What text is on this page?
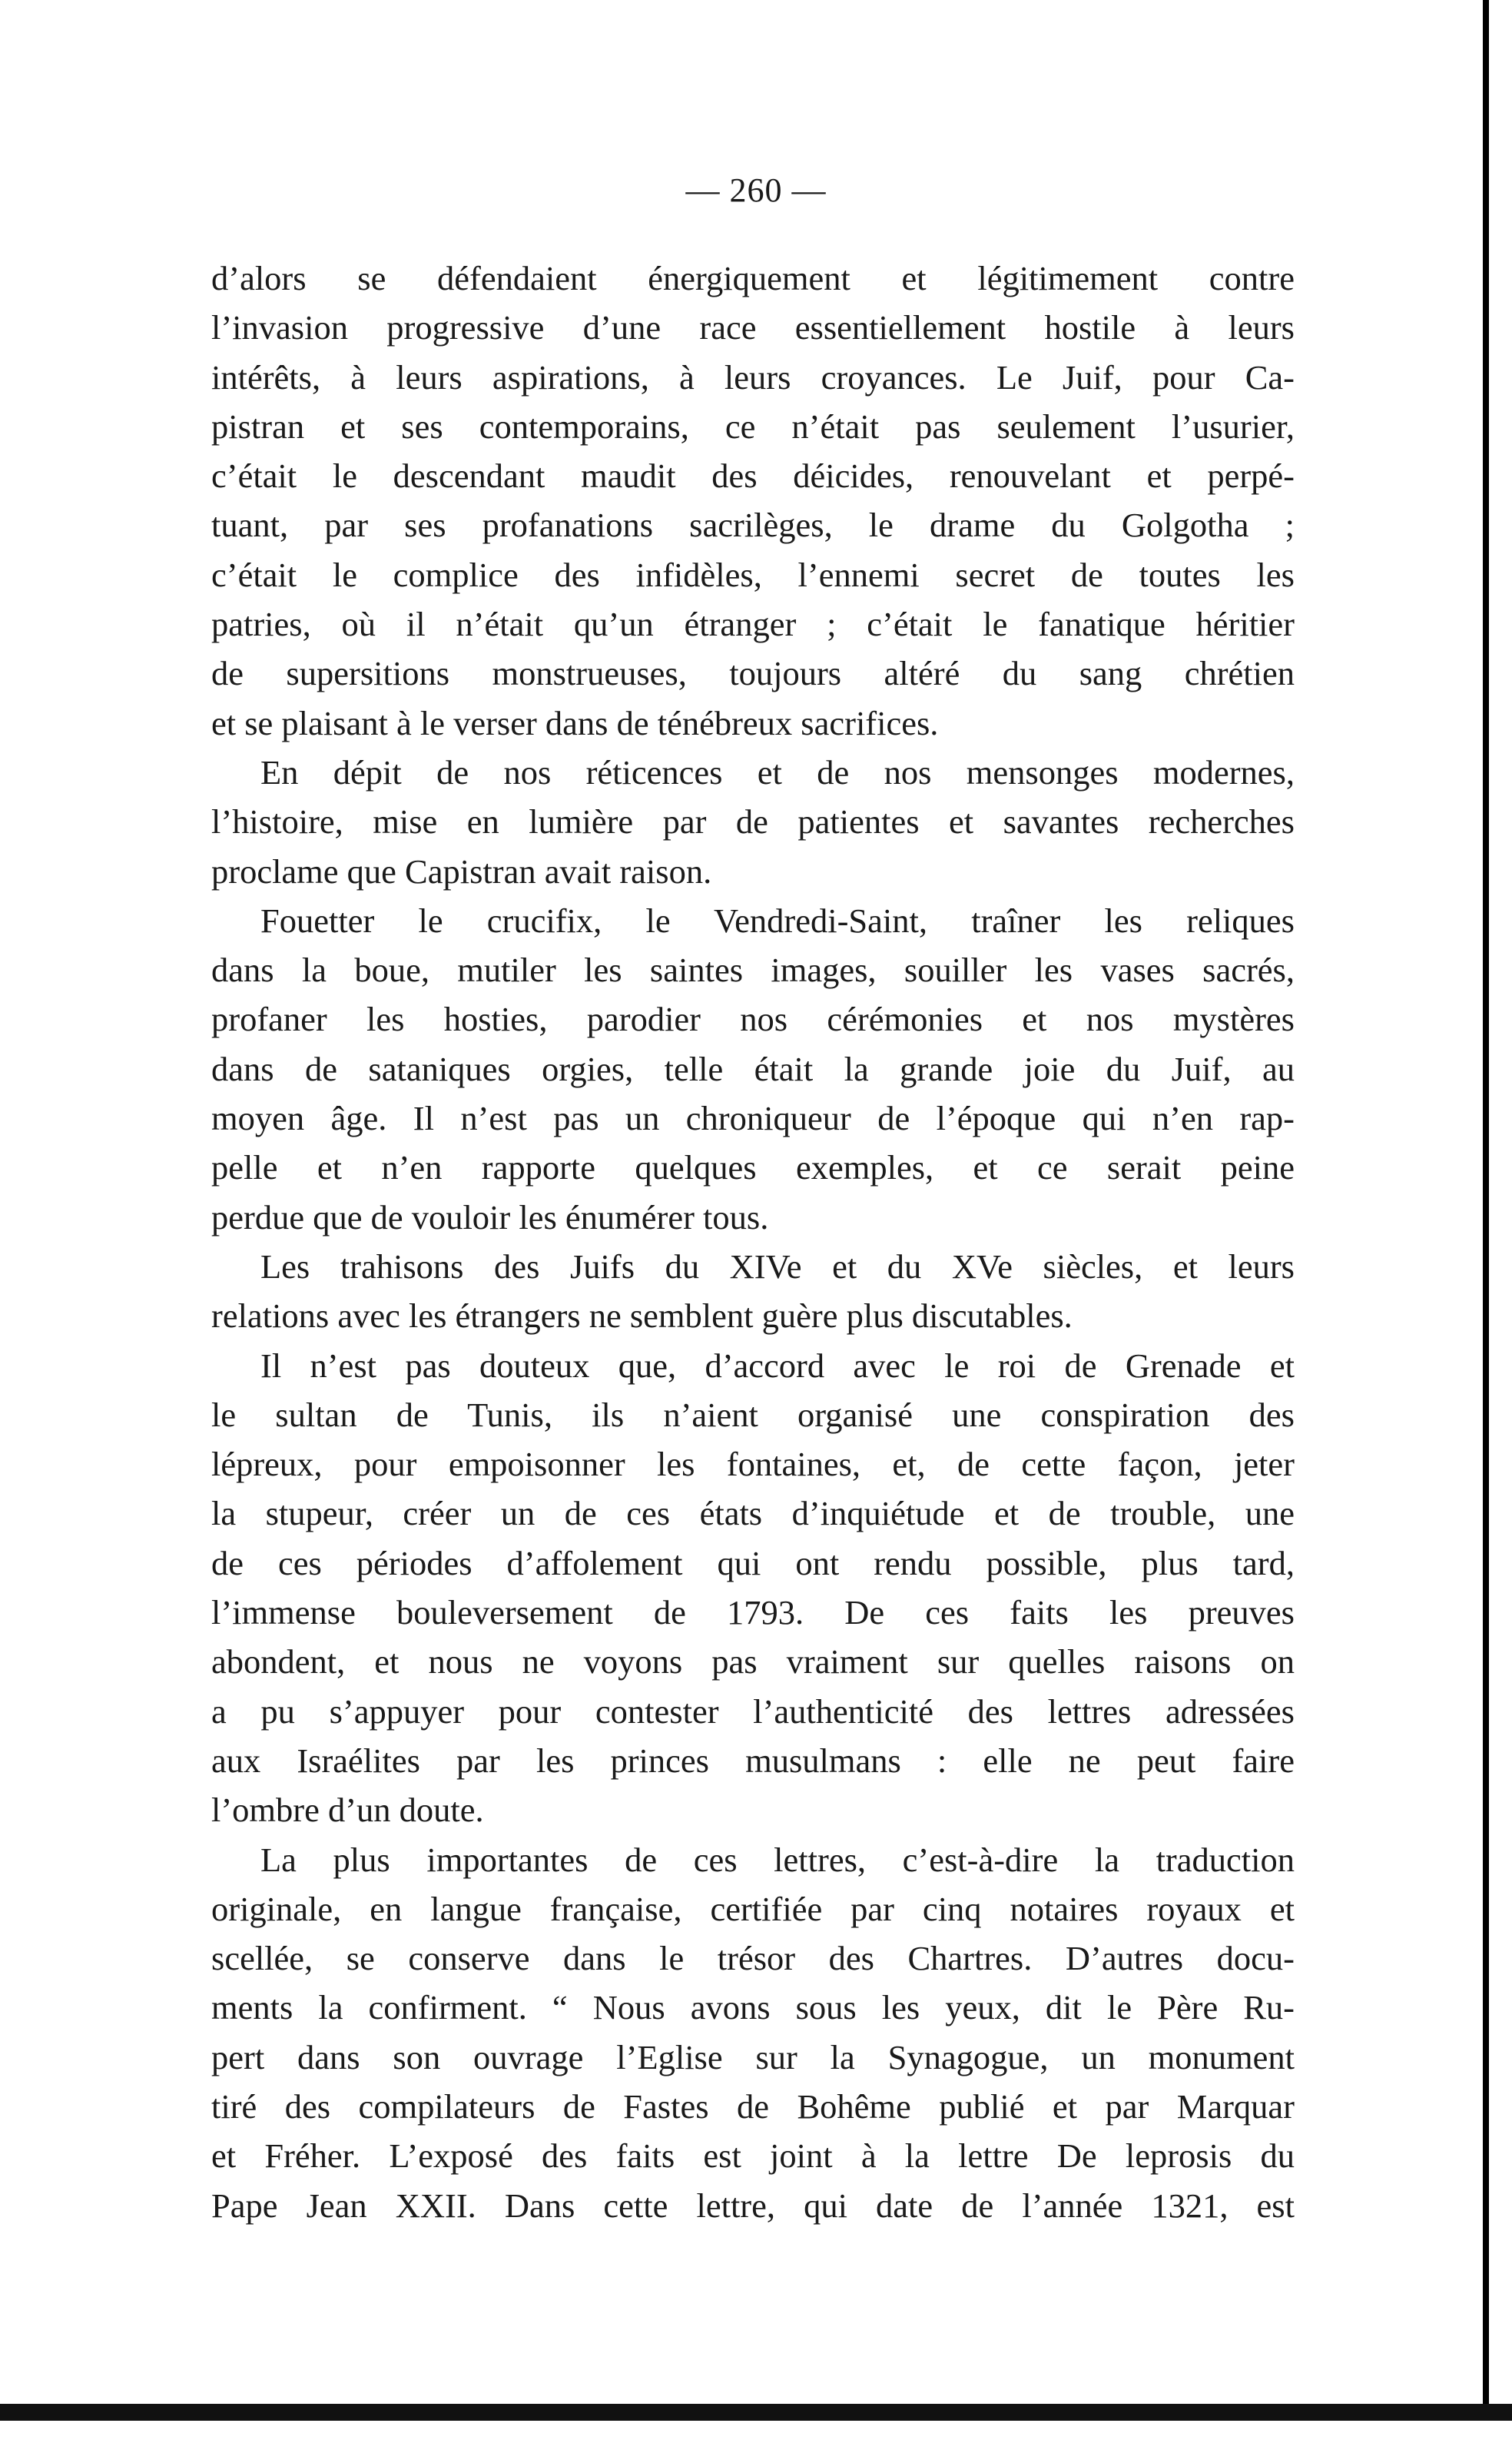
— 260 —
d’alors se défendaient énergiquement et légitimement contre
l’invasion progressive d’une race essentiellement hostile à leurs
intérêts, à leurs aspirations, à leurs croyances. Le Juif, pour Ca-
pistran et ses contemporains, ce n’était pas seulement l’usurier,
c’était le descendant maudit des déicides, renouvelant et perpé-
tuant, par ses profanations sacrilèges, le drame du Golgotha ;
c’était le complice des infidèles, l’ennemi secret de toutes les
patries, où il n’était qu’un étranger ; c’était le fanatique héritier
de supersitions monstrueuses, toujours altéré du sang chrétien
et se plaisant à le verser dans de ténébreux sacrifices.
En dépit de nos réticences et de nos mensonges modernes,
l’histoire, mise en lumière par de patientes et savantes recherches
proclame que Capistran avait raison.
Fouetter le crucifix, le Vendredi-Saint, traîner les reliques
dans la boue, mutiler les saintes images, souiller les vases sacrés,
profaner les hosties, parodier nos cérémonies et nos mystères
dans de sataniques orgies, telle était la grande joie du Juif, au
moyen âge. Il n’est pas un chroniqueur de l’époque qui n’en rap-
pelle et n’en rapporte quelques exemples, et ce serait peine
perdue que de vouloir les énumérer tous.
Les trahisons des Juifs du XIVe et du XVe siècles, et leurs
relations avec les étrangers ne semblent guère plus discutables.
Il n’est pas douteux que, d’accord avec le roi de Grenade et
le sultan de Tunis, ils n’aient organisé une conspiration des
lépreux, pour empoisonner les fontaines, et, de cette façon, jeter
la stupeur, créer un de ces états d’inquiétude et de trouble, une
de ces périodes d’affolement qui ont rendu possible, plus tard,
l’immense bouleversement de 1793. De ces faits les preuves
abondent, et nous ne voyons pas vraiment sur quelles raisons on
a pu s’appuyer pour contester l’authenticité des lettres adressées
aux Israélites par les princes musulmans : elle ne peut faire
l’ombre d’un doute.
La plus importantes de ces lettres, c’est-à-dire la traduction
originale, en langue française, certifiée par cinq notaires royaux et
scellée, se conserve dans le trésor des Chartres. D’autres docu-
ments la confirment. “ Nous avons sous les yeux, dit le Père Ru-
pert dans son ouvrage l’Eglise sur la Synagogue, un monument
tiré des compilateurs de Fastes de Bohême publié et par Marquar
et Fréher. L’exposé des faits est joint à la lettre De leprosis du
Pape Jean XXII. Dans cette lettre, qui date de l’année 1321, est
